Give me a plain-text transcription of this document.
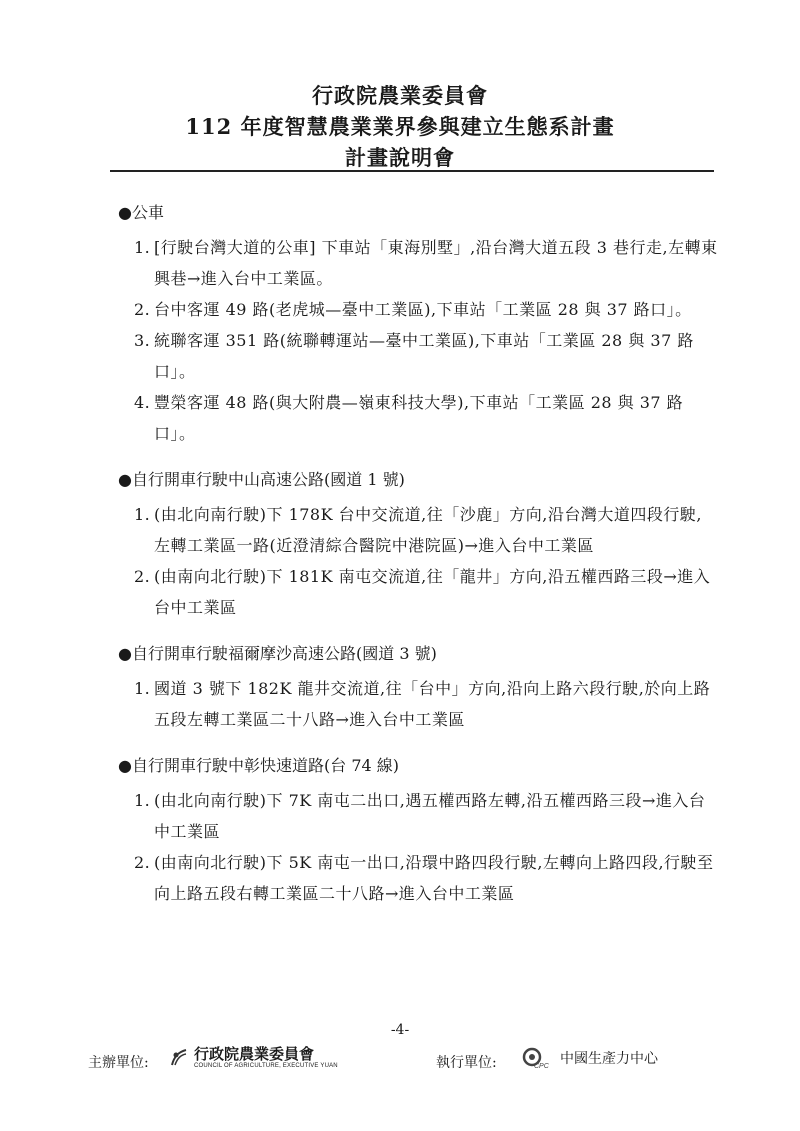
行政院農業委員會
112 年度智慧農業業界參與建立生態系計畫
計畫說明會
●公車
1. [行駛台灣大道的公車] 下車站「東海別墅」,沿台灣大道五段 3 巷行走,左轉東興巷→進入台中工業區。
2. 台中客運 49 路(老虎城—臺中工業區),下車站「工業區 28 與 37 路口」。
3. 統聯客運 351 路(統聯轉運站—臺中工業區),下車站「工業區 28 與 37 路口」。
4. 豐榮客運 48 路(與大附農—嶺東科技大學),下車站「工業區 28 與 37 路口」。
●自行開車行駛中山高速公路(國道 1 號)
1. (由北向南行駛)下 178K 台中交流道,往「沙鹿」方向,沿台灣大道四段行駛,左轉工業區一路(近澄清綜合醫院中港院區)→進入台中工業區
2. (由南向北行駛)下 181K 南屯交流道,往「龍井」方向,沿五權西路三段→進入台中工業區
●自行開車行駛福爾摩沙高速公路(國道 3 號)
1. 國道 3 號下 182K 龍井交流道,往「台中」方向,沿向上路六段行駛,於向上路五段左轉工業區二十八路→進入台中工業區
●自行開車行駛中彰快速道路(台 74 線)
1. (由北向南行駛)下 7K 南屯二出口,遇五權西路左轉,沿五權西路三段→進入台中工業區
2. (由南向北行駛)下 5K 南屯一出口,沿環中路四段行駛,左轉向上路四段,行駛至向上路五段右轉工業區二十八路→進入台中工業區
-4-
主辦單位:	行政院農業委員會
COUNCIL OF AGRICULTURE, EXECUTIVE YUAN	執行單位:	CPC 中國生產力中心
